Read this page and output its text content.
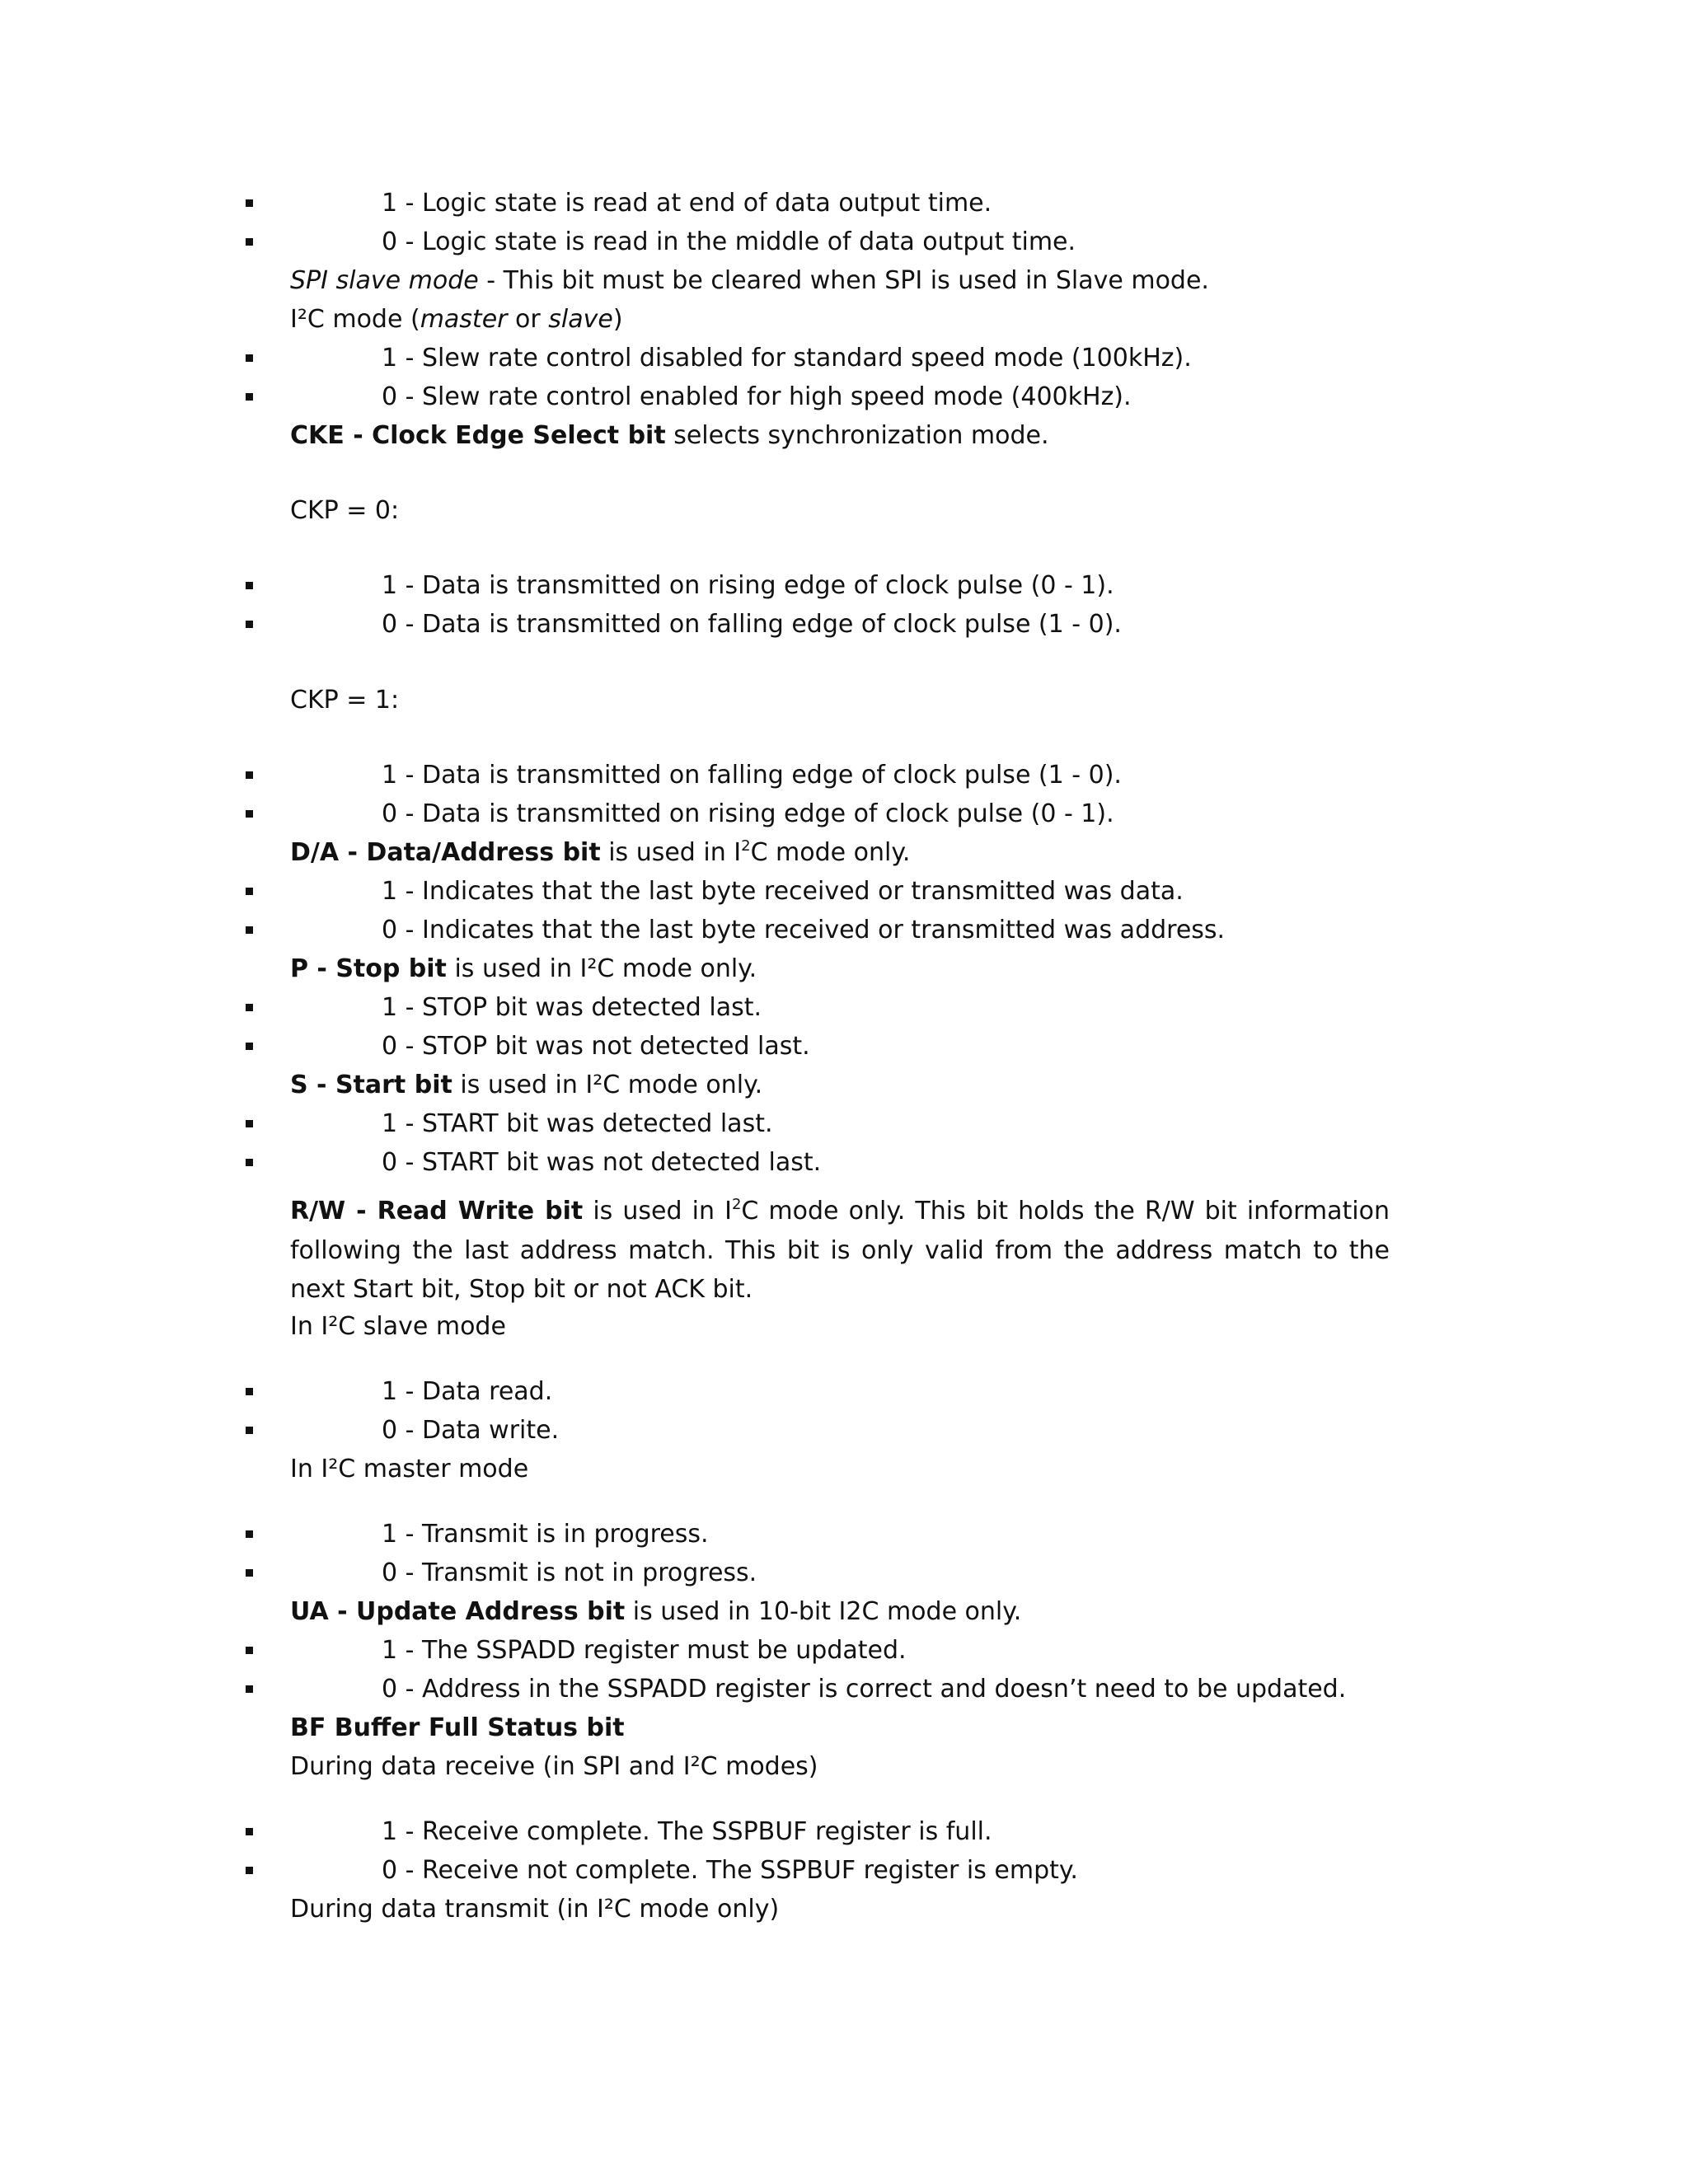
1 - Logic state is read at end of data output time.
0 - Logic state is read in the middle of data output time.
SPI slave mode - This bit must be cleared when SPI is used in Slave mode.
I²C mode (master or slave)
1 - Slew rate control disabled for standard speed mode (100kHz).
0 - Slew rate control enabled for high speed mode (400kHz).
CKE - Clock Edge Select bit selects synchronization mode.
CKP = 0:
1 - Data is transmitted on rising edge of clock pulse (0 - 1).
0 - Data is transmitted on falling edge of clock pulse (1 - 0).
CKP = 1:
1 - Data is transmitted on falling edge of clock pulse (1 - 0).
0 - Data is transmitted on rising edge of clock pulse (0 - 1).
D/A - Data/Address bit is used in $I^2C$ mode only.
1 - Indicates that the last byte received or transmitted was data.
0 - Indicates that the last byte received or transmitted was address.
P - Stop bit is used in I²C mode only.
1 - STOP bit was detected last.
0 - STOP bit was not detected last.
S - Start bit is used in I²C mode only.
1 - START bit was detected last.
0 - START bit was not detected last.
R/W - Read Write bit is used in $I^2C$ mode only. This bit holds the R/W bit information following the last address match. This bit is only valid from the address match to the next Start bit, Stop bit or not ACK bit.
In I²C slave mode
1 - Data read.
0 - Data write.
In I²C master mode
1 - Transmit is in progress.
0 - Transmit is not in progress.
UA - Update Address bit is used in 10-bit I2C mode only.
1 - The SSPADD register must be updated.
0 - Address in the SSPADD register is correct and doesn’t need to be updated.
BF Buffer Full Status bit
During data receive (in SPI and I²C modes)
1 - Receive complete. The SSPBUF register is full.
0 - Receive not complete. The SSPBUF register is empty.
During data transmit (in I²C mode only)
